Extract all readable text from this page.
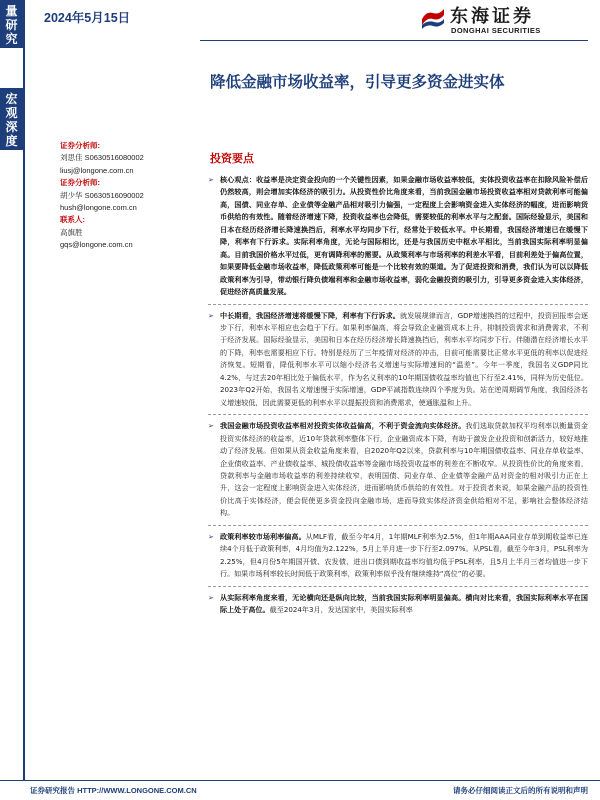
量研究
宏观深度
2024年5月15日	东海证券
DONGHAI SECURITIES
降低金融市场收益率，引导更多资金进实体
证券分析师:
刘思佳 S0630516080002
liusj@longone.com.cn
证券分析师:
胡少华 S0630516090002
hush@longone.com.cn
联系人:
高旗胜
gqs@longone.com.cn
投资要点
➢ 核心观点：收益率是决定资金投向的一个关键性因素，如果金融市场收益率较低，实体投资收益率在扣除风险补偿后仍然较高，则会增加实体经济的吸引力。从投资性价比角度来看，当前我国金融市场投资收益率相对贷款利率可能偏高，国债、同业存单、企业债等金融产品相对吸引力偏强，一定程度上会影响资金进入实体经济的幅度，进而影响货币供给的有效性。随着经济增速下降，投资收益率也会降低，需要较低的利率水平与之配套。国际经验显示，美国和日本在经历经济增长降速换挡后，利率水平均同步下行，经常处于较低水平。中长期看，我国经济增速已在缓慢下降，利率有下行诉求。实际利率角度，无论与国际相比，还是与我国历史中枢水平相比，当前我国实际利率明显偏高。目前我国价格水平过低，更有调降利率的需要。从政策利率与市场利率的利差水平看，目前利差处于偏高位置，如果要降低金融市场收益率，降低政策利率可能是一个比较有效的渠道。为了促进投资和消费，我们认为可以以降低政策利率为引导，带动银行降负债端利率和金融市场收益率，弱化金融投资的吸引力，引导更多资金进入实体经济，促进经济高质量发展。
➢ 中长期看，我国经济增速将缓慢下降，利率有下行诉求。就发展规律而言，GDP增速换挡的过程中，投资回报率会逐步下行，利率水平相应也会趋于下行。如果利率偏高，将会导致企业融资成本上升，抑制投资需求和消费需求，不利于经济发展。国际经验显示，美国和日本在经历经济增长降速换挡后，利率水平均同步下行。伴随潜在经济增长水平的下降，利率也需要相应下行。特别是经历了三年疫情对经济的冲击，目前可能需要比正常水平更低的利率以促进经济恢复。短期看，降低利率水平可以缩小经济名义增速与实际增速间的“温差”。今年一季度，我国名义GDP同比4.2%，与过去20年相比处于偏低水平，作为名义利率的10年期国债收益率均值也下行至2.41%，同样为历史低位。2023年Q2开始，我国名义增速慢于实际增速，GDP平减指数连续四个季度为负。站在逆周期调节角度，我国经济名义增速较低，因此需要更低的利率水平以提振投资和消费需求，使通胀温和上升。
➢ 我国金融市场投资收益率相对投资实体收益偏高，不利于资金流向实体经济。我们选取贷款加权平均利率以衡量资金投资实体经济的收益率，近10年贷款利率整体下行，企业融资成本下降，有助于激发企业投资和创新活力，较好地推动了经济发展。但如果从资金收益角度来看，自2020年Q2以来，贷款利率与10年期国债收益率、同业存单收益率、企业债收益率、产业债收益率、城投债收益率等金融市场投资收益率的利差在不断收窄。从投资性价比的角度来看，贷款利率与金融市场收益率的利差持续收窄，表明国债、同业存单、企业债等金融产品对资金的相对吸引力正在上升，这会一定程度上影响资金进入实体经济，进而影响货币供给的有效性。对于投资者来说，如果金融产品的投资性价比高于实体经济，便会促使更多资金投向金融市场，进而导致实体经济资金供给相对不足，影响社会整体经济结构。
➢ 政策利率较市场利率偏高。从MLF看，截至今年4月，1年期MLF利率为2.5%，但1年期AAA同业存单到期收益率已连续4个月低于政策利率，4月均值为2.122%，5月上半月进一步下行至2.097%。从PSL看，截至今年3月，PSL利率为2.25%，但4月份5年期国开债、农发债、进出口债到期收益率均值均低于PSL利率，且5月上半月三者均值进一步下行。如果市场利率较长时间低于政策利率，政策利率似乎没有继续维持“高位”的必要。
➢ 从实际利率角度来看，无论横向还是纵向比较，当前我国实际利率明显偏高。横向对比来看，我国实际利率水平在国际上处于高位。截至2024年3月，发达国家中，美国实际利率
证券研究报告 HTTP://WWW.LONGONE.COM.CN	请务必仔细阅读正文后的所有说明和声明
